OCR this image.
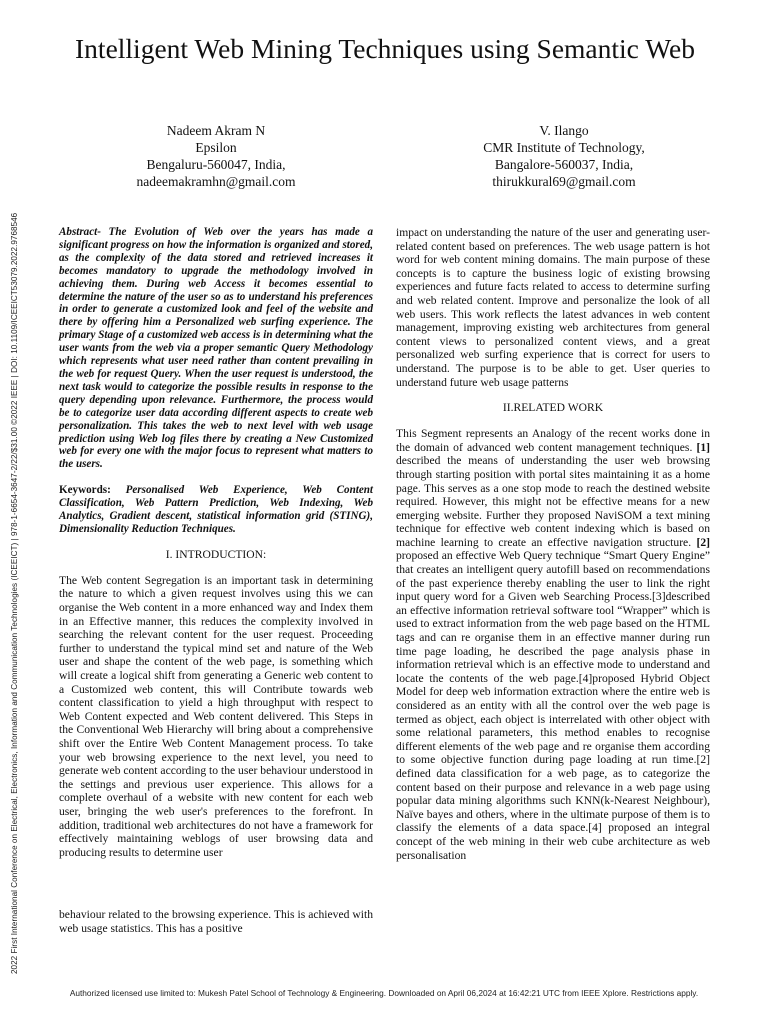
2022 First International Conference on Electrical, Electronics, Information and Communication Technologies (ICEEICT) | 978-1-6654-3647-2/22/$31.00 ©2022 IEEE | DOI: 10.1109/ICEEICT53079.2022.9768546
Intelligent Web Mining Techniques using Semantic Web
Nadeem Akram N
Epsilon
Bengaluru-560047, India,
nadeemakramhn@gmail.com
V. Ilango
CMR Institute of Technology,
Bangalore-560037, India,
thirukkural69@gmail.com

Abstract- The Evolution of Web over the years has made a significant progress on how the information is organized and stored, as the complexity of the data stored and retrieved increases it becomes mandatory to upgrade the methodology involved in achieving them. During web Access it becomes essential to determine the nature of the user so as to understand his preferences in order to generate a customized look and feel of the website and there by offering him a Personalized web surfing experience. The primary Stage of a customized web access is in determining what the user wants from the web via a proper semantic Query Methodology which represents what user need rather than content prevailing in the web for request Query. When the user request is understood, the next task would to categorize the possible results in response to the query depending upon relevance. Furthermore, the process would be to categorize user data according different aspects to create web personalization. This takes the web to next level with web usage prediction using Web log files there by creating a New Customized web for every one with the major focus to represent what matters to the users.

Keywords: Personalised Web Experience, Web Content Classification, Web Pattern Prediction, Web Indexing, Web Analytics, Gradient descent, statistical information grid (STING), Dimensionality Reduction Techniques.

I. INTRODUCTION:

The Web content Segregation is an important task in determining the nature to which a given request involves using this we can organise the Web content in a more enhanced way and Index them in an Effective manner, this reduces the complexity involved in searching the relevant content for the user request. Proceeding further to understand the typical mind set and nature of the Web user and shape the content of the web page, is something which will create a logical shift from generating a Generic web content to a Customized web content, this will Contribute towards web content classification to yield a high throughput with respect to Web Content expected and Web content delivered. This Steps in the Conventional Web Hierarchy will bring about a comprehensive shift over the Entire Web Content Management process. To take your web browsing experience to the next level, you need to generate web content according to the user behaviour understood in the settings and previous user experience. This allows for a complete overhaul of a website with new content for each web user, bringing the web user's preferences to the forefront. In addition, traditional web architectures do not have a framework for effectively maintaining weblogs of user browsing data and producing results to determine user

behaviour related to the browsing experience. This is achieved with web usage statistics. This has a positive

impact on understanding the nature of the user and generating user-related content based on preferences. The web usage pattern is hot word for web content mining domains. The main purpose of these concepts is to capture the business logic of existing browsing experiences and future facts related to access to determine surfing and web related content. Improve and personalize the look of all web users. This work reflects the latest advances in web content management, improving existing web architectures from general content views to personalized content views, and a great personalized web surfing experience that is correct for users to understand. The purpose is to be able to get. User queries to understand future web usage patterns

II.RELATED WORK

This Segment represents an Analogy of the recent works done in the domain of advanced web content management techniques. [1] described the means of understanding the user web browsing through starting position with portal sites maintaining it as a home page. This serves as a one stop mode to reach the destined website required. However, this might not be effective means for a new emerging website. Further they proposed NaviSOM a text mining technique for effective web content indexing which is based on machine learning to create an effective navigation structure. [2] proposed an effective Web Query technique “Smart Query Engine” that creates an intelligent query autofill based on recommendations of the past experience thereby enabling the user to link the right input query word for a Given web Searching Process.[3]described an effective information retrieval software tool “Wrapper” which is used to extract information from the web page based on the HTML tags and can re organise them in an effective manner during run time page loading, he described the page analysis phase in information retrieval which is an effective mode to understand and locate the contents of the web page.[4]proposed Hybrid Object Model for deep web information extraction where the entire web is considered as an entity with all the control over the web page is termed as object, each object is interrelated with other object with some relational parameters, this method enables to recognise different elements of the web page and re organise them according to some objective function during page loading at run time.[2] defined data classification for a web page, as to categorize the content based on their purpose and relevance in a web page using popular data mining algorithms such KNN(k-Nearest Neighbour), Naïve bayes and others, where in the ultimate purpose of them is to classify the elements of a data space.[4] proposed an integral concept of the web mining in their web cube architecture as web personalisation

Authorized licensed use limited to: Mukesh Patel School of Technology & Engineering. Downloaded on April 06,2024 at 16:42:21 UTC from IEEE Xplore. Restrictions apply.
